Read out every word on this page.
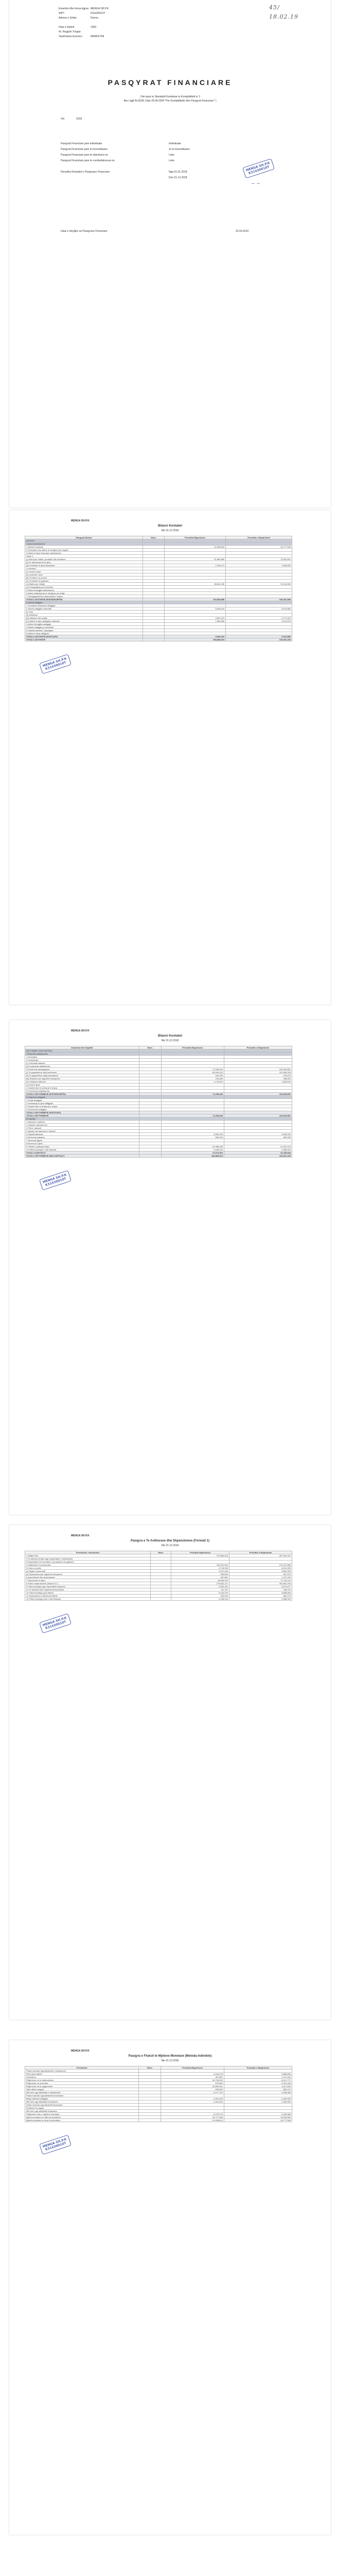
Emertimi dhe forma ligjore MENGA SH.P.K
NIPT	K31430010T
Adresa e Selise	Durres
Data e krijimit	1993
Nr. Regjistri Tregtar
Veprimtaria kryesore	MARKETIM
45/
18.02.19
PASQYRAT FINANCIARE
( Ne baze te Standartit Kombetar te Kontabilitetit nr 2
dhe Ligjit Nr.9228, Date 29.04.2004 "Per Kontabilitetin dhe Pasqyrat Financiare" )
Viti	2018
Pasqyrat Financiare jane individuale	Individuale
Pasqyrat Financiare jane te konsoliduara	Jo te konsoliduara
Pasqyrat Financiare jane te shprehura ne	Leke
Pasqyrat Financiare jane te rrumbullakosura ne	Leke
Periudha Kontabel e Pasqyrave Financiare	Nga 01.01.2018
Deri 31.12.2018
MENGA SH.P.K
K31430010T
~ ~
Data e mbylljes se Pasqyrave Financiare	25.03.2019
MENGA SH.P.K
Bilanci Kontabel
Me 31.12.2018
Pasqyrat Aktivet	Shen.	Periudha Raportuese	Periudha e Meparshme
AKTIVET			
I Aktivet afatshkurtra			
1 Aktivet monetare		10,498,824	16,777,548
2 Derivative dhe aktive te mbajtura per tregtim			
3 Aktive te tjera financiare afatshkurtra			
Totali 3			
(i) Klient per mallra, produkte dhe sherbime		51,689,660	73,052,601
(ii) Te arketueshme te tjera			
(iii) Investime te tjera financiare		2,108,471	1,540,820
4 Inventari			
(i) Lende e pare			
(ii) Inventari i imet			
(iii) Prodhim ne proces			
(iv) Produkte te gatshme			
(v) Mallra per rishitje		38,541,030	39,116,590
(vi) Parapagesa per furnizime			
5 Aktive biologjike afatshkurtra			
6 Aktive afatshkurtra te mbajtura per shitje			
7 Parapagesat dhe shpenzimet e shtyra			
TOTALI I AKTIVEVE AFATSHKURTRA		103,838,985	130,487,559
II Aktivet afatgjata			
1 Investimet financiare afatgjata			
2 Aktivet afatgjata materiale		5,046,019	6,013,880
(i) Toka			
(ii) Ndertesa			
(iii) Makineri dhe paisje		3,061,213	3,772,002
(iv) Aktive te tjera afatgjata materiale		1,984,806	2,241,878
3 Aktive biologjike afatgjata			
4 Aktivet afatgjata jo materiale			
5 Kapitali aksioner i papaguar			
6 Aktive te tjera afatgjata			
TOTALI I AKTIVEVE AFATGJATA		5,046,019	6,013,880
TOTALI I AKTIVEVE		108,885,004	136,501,439
MENGA SH.P.K
K31430010T
MENGA SH.P.K
Bilanci Kontabel
Me 31.12.2018
Detyrimet dhe Kapitali	Shen.	Periudha Raportuese	Periudha e Meparshme
DETYRIMET DHE KAPITALI			
I Detyrimet afatshkurtra			
1 Derivative			
2 Huamarrjet			
(i) Overdraft bankare			
(ii) Huamarrje afatshkurtra			
3 Huate dhe parapagimet		71,208,440	104,062,891
(i) Te pagueshme ndaj furnitoreve		69,404,019	101,960,208
(ii) Te pagueshme ndaj punonjesve		440,250	423,875
(iii) Detyrime per sigurimet shoqerore		193,480	188,932
(iv) Detyrime tatimore		1,170,691	1,489,876
(v) Hua te tjera			
4 Grantet dhe te ardhurat e shtyra			
5 Provizionet afatshkurtra			
TOTALI I DETYRIMEVE AFATSHKURTRA		71,208,440	104,062,891
II Detyrimet afatgjata			
1 Huate afatgjata			
2 Huamarrje te tjera afatgjata			
3 Grantet dhe te ardhurat e shtyra			
4 Provizionet afatgjata			
TOTALI I DETYRIMEVE AFATGJATA			
TOTALI I DETYRIMEVE		71,208,440	104,062,891
III Kapitali			
1 Aksionet e pakices			
2 Kapitali i aksionereve			
3 Primi i aksionit			
4 Njesite ose aksionet e thesarit			
5 Kapitali aksionar		5,500,000	5,500,000
6 Rezervat statutore		550,000	550,000
7 Rezervat ligjore			
8 Rezerva te tjera			
9 Fitimet e pashperndara		26,388,548	21,402,215
10 Fitimi (humbja) e vitit financiar		5,238,016	4,986,333
TOTALI I KAPITALIT		37,676,564	32,438,548
TOTALI I DETYRIMEVE DHE KAPITALIT		108,885,004	136,501,439
MENGA SH.P.K
K31430010T
MENGA SH.P.K
Pasqyra e Te Ardhurave dhe Shpenzimeve (Formati 1)
Me 31.12.2018
Pershkrimi i elementeve	Shen.	Periudha Raportuese	Periudha e Meparshme
1 Shitjet neto		279,684,418	307,481,912
2 Te ardhura te tjera nga veprimtarite e shfrytezimit			
3 Ndryshimet ne inventarin e produkteve te gatshme			
4 Materialet e konsumuara		249,041,002	276,412,886
5 Kosto e punes		6,718,040	6,541,990
(i) Pagat e personelit		5,757,440	5,604,320
(ii) Shpenzimet per sigurimet shoqerore		960,600	937,670
6 Amortizimet dhe zhvleresimet		967,861	1,107,240
7 Shpenzime te tjera		16,905,224	17,740,119
8 Totali i shpenzimeve (shuma 4-7)		273,632,127	301,802,235
9 Fitimi (humbja) nga veprimtarite kryesore		6,052,291	5,679,677
10 Te ardhurat dhe shpenzimet financiare		111,787	189,129
11 Fitimi (humbja) para tatimit		6,164,078	5,868,806
12 Shpenzimet e tatimit mbi fitimin		926,062	882,473
13 Fitimi (humbja) neto e vitit financiar		5,238,016	4,986,333
MENGA SH.P.K
K31430010T
MENGA SH.P.K
Pasqyra e Fluksit te Mjeteve Monetare (Metoda Indirekte)
Me 31.12.2018
Pershkrimi	Shen.	Periudha Raportuese	Periudha e Meparshme
Fluksi monetar nga aktivitetet e shfrytezimit			
Fitimi para tatimit		6,164,078	5,868,806
Amortizimi		967,861	1,107,240
Rritje/renie ne te arketueshme		20,795,290	-8,412,771
Rritje/renie ne inventare		575,560	-2,301,446
Rritje/renie ne te pagueshme		-32,854,451	9,117,630
Tatim fitimi i paguar		-926,062	-882,473
MM neto nga aktivitetet e shfrytezimit		-5,277,724	4,496,986
Fluksi monetar nga aktivitetet investuese			
Blerje aktivesh afatgjata		-1,001,000	-1,250,000
MM neto nga aktivitetet investuese		-1,001,000	-1,250,000
Fluksi monetar nga aktivitetet financiare			
Dividente te paguar			
MM neto nga aktivitetet financiare			
Rritja/renia neto e mjeteve monetare		-6,278,724	3,246,986
Mjetet monetare ne fillim te periudhes		16,777,548	13,530,562
Mjetet monetare ne fund te periudhes		10,498,824	16,777,548
MENGA SH.P.K
K31430010T
